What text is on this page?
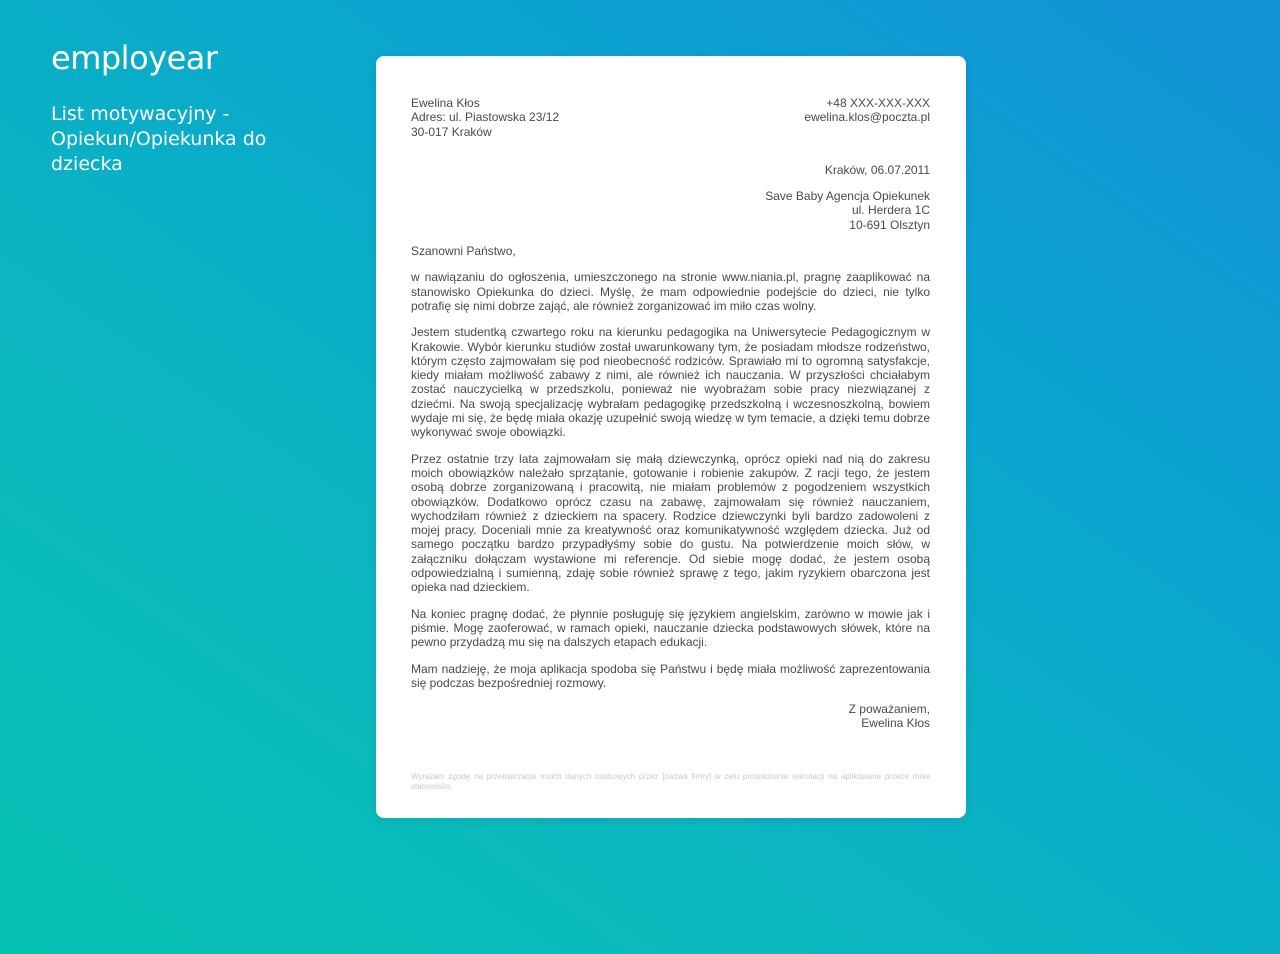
employear
List motywacyjny - Opiekun/Opiekunka do dziecka
Ewelina Kłos
Adres: ul. Piastowska 23/12
30-017 Kraków
+48 XXX-XXX-XXX
ewelina.klos@poczta.pl
Kraków, 06.07.2011
Save Baby Agencja Opiekunek
ul. Herdera 1C
10-691 Olsztyn
Szanowni Państwo,
w nawiązaniu do ogłoszenia, umieszczonego na stronie www.niania.pl, pragnę zaaplikować na stanowisko Opiekunka do dzieci. Myślę, że mam odpowiednie podejście do dzieci, nie tylko potrafię się nimi dobrze zająć, ale również zorganizować im miło czas wolny.
Jestem studentką czwartego roku na kierunku pedagogika na Uniwersytecie Pedagogicznym w Krakowie. Wybór kierunku studiów został uwarunkowany tym, że posiadam młodsze rodzeństwo, którym często zajmowałam się pod nieobecność rodziców. Sprawiało mi to ogromną satysfakcje, kiedy miałam możliwość zabawy z nimi, ale również ich nauczania. W przyszłości chciałabym zostać nauczycielką w przedszkolu, ponieważ nie wyobrażam sobie pracy niezwiązanej z dziećmi. Na swoją specjalizację wybrałam pedagogikę przedszkolną i wczesnoszkolną, bowiem wydaje mi się, że będę miała okazję uzupełnić swoją wiedzę w tym temacie, a dzięki temu dobrze wykonywać swoje obowiązki.
Przez ostatnie trzy lata zajmowałam się małą dziewczynką, oprócz opieki nad nią do zakresu moich obowiązków należało sprzątanie, gotowanie i robienie zakupów. Z racji tego, że jestem osobą dobrze zorganizowaną i pracowitą, nie miałam problemów z pogodzeniem wszystkich obowiązków. Dodatkowo oprócz czasu na zabawę, zajmowałam się również nauczaniem, wychodziłam również z dzieckiem na spacery. Rodzice dziewczynki byli bardzo zadowoleni z mojej pracy. Doceniali mnie za kreatywność oraz komunikatywność względem dziecka. Już od samego początku bardzo przypadłyśmy sobie do gustu. Na potwierdzenie moich słów, w załączniku dołączam wystawione mi referencje. Od siebie mogę dodać, że jestem osobą odpowiedzialną i sumienną, zdaję sobie również sprawę z tego, jakim ryzykiem obarczona jest opieka nad dzieckiem.
Na koniec pragnę dodać, że płynnie posługuję się językiem angielskim, zarówno w mowie jak i piśmie. Mogę zaoferować, w ramach opieki, nauczanie dziecka podstawowych słówek, które na pewno przydadzą mu się na dalszych etapach edukacji.
Mam nadzieję, że moja aplikacja spodoba się Państwu i będę miała możliwość zaprezentowania się podczas bezpośredniej rozmowy.
Z poważaniem,
Ewelina Kłos
Wyrażam zgodę na przetwarzanie moich danych osobowych przez [nazwa firmy] w celu prowadzenia rekrutacji na aplikowane przeze mnie stanowisko.
